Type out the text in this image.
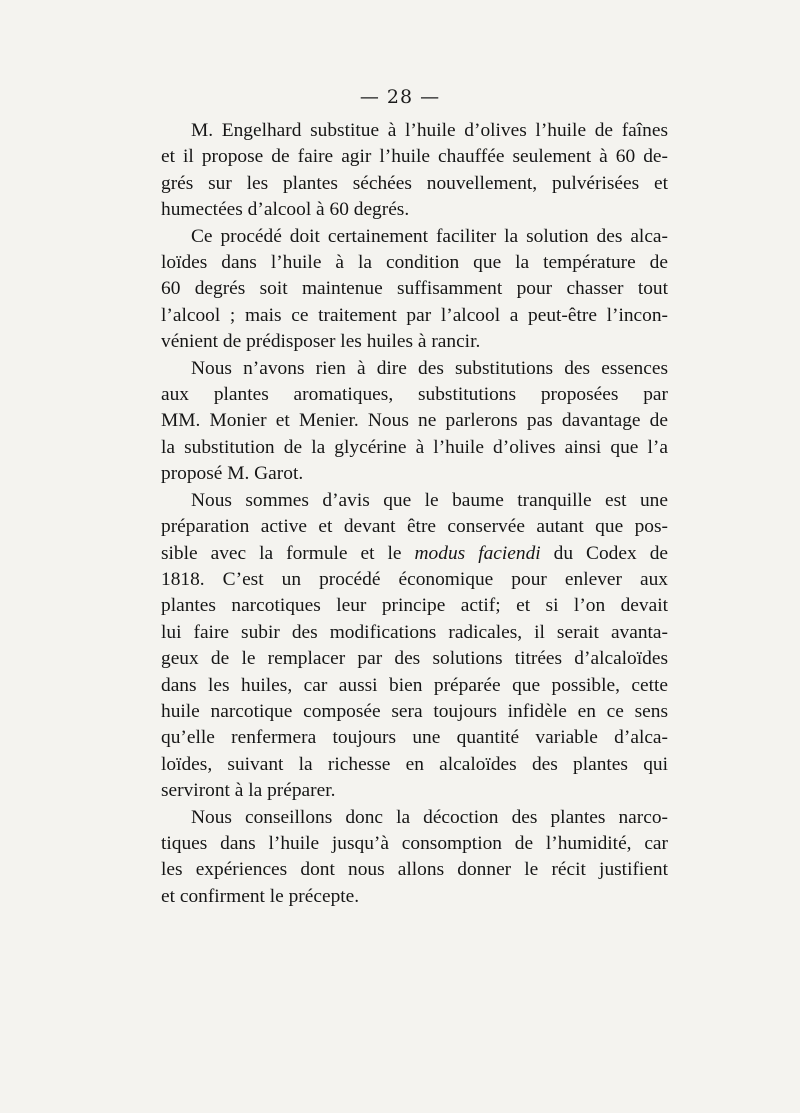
— 28 —
M. Engelhard substitue à l’huile d’olives l’huile de faînes
et il propose de faire agir l’huile chauffée seulement à 60 de-
grés sur les plantes séchées nouvellement, pulvérisées et
humectées d’alcool à 60 degrés.
Ce procédé doit certainement faciliter la solution des alca-
loïdes dans l’huile à la condition que la température de
60 degrés soit maintenue suffisamment pour chasser tout
l’alcool ; mais ce traitement par l’alcool a peut-être l’incon-
vénient de prédisposer les huiles à rancir.
Nous n’avons rien à dire des substitutions des essences
aux plantes aromatiques, substitutions proposées par
MM. Monier et Menier. Nous ne parlerons pas davantage de
la substitution de la glycérine à l’huile d’olives ainsi que l’a
proposé M. Garot.
Nous sommes d’avis que le baume tranquille est une
préparation active et devant être conservée autant que pos-
sible avec la formule et le modus faciendi du Codex de
1818. C’est un procédé économique pour enlever aux
plantes narcotiques leur principe actif; et si l’on devait
lui faire subir des modifications radicales, il serait avanta-
geux de le remplacer par des solutions titrées d’alcaloïdes
dans les huiles, car aussi bien préparée que possible, cette
huile narcotique composée sera toujours infidèle en ce sens
qu’elle renfermera toujours une quantité variable d’alca-
loïdes, suivant la richesse en alcaloïdes des plantes qui
serviront à la préparer.
Nous conseillons donc la décoction des plantes narco-
tiques dans l’huile jusqu’à consomption de l’humidité, car
les expériences dont nous allons donner le récit justifient
et confirment le précepte.
